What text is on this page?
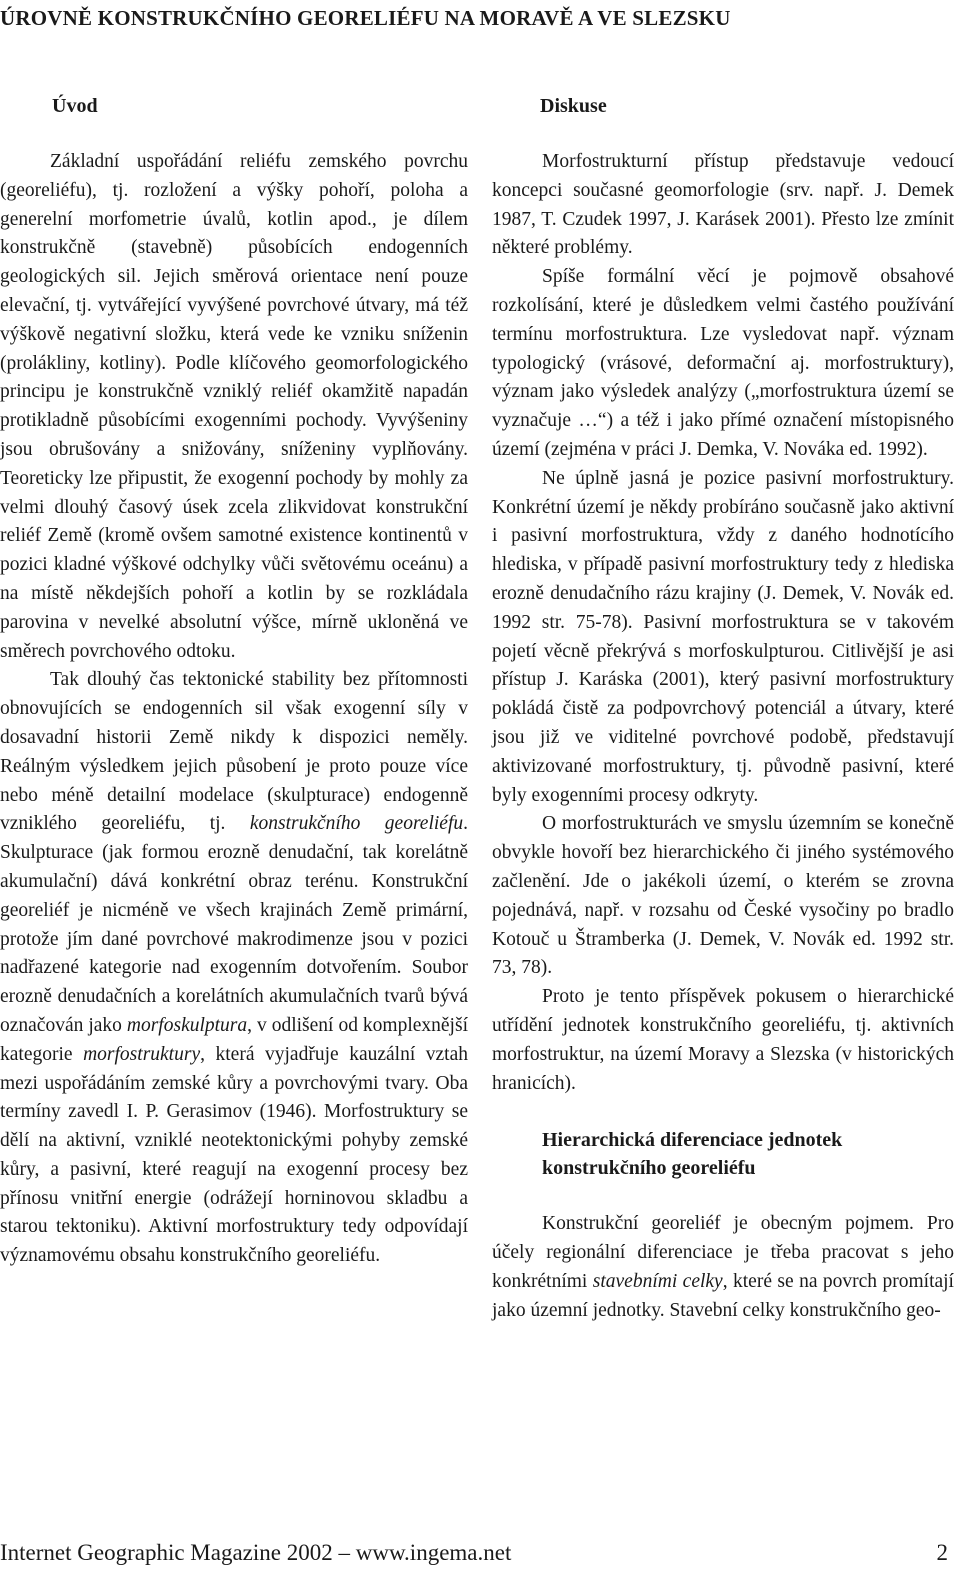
ÚROVNĚ KONSTRUKČNÍHO GEORELIÉFU NA MORAVĚ A VE SLEZSKU
Úvod

Základní uspořádání reliéfu zemského povrchu (georeliéfu), tj. rozložení a výšky pohoří, poloha a generelní morfometrie úvalů, kotlin apod., je dílem konstrukčně (stavebně) působících endogenních geologických sil. Jejich směrová orientace není pouze elevační, tj. vytvářející vyvýšené povrchové útvary, má též výškově negativní složku, která vede ke vzniku sníženin (prolákliny, kotliny). Podle klíčového geomorfologického principu je konstrukčně vzniklý reliéf okamžitě napadán protikladně působícími exogenními pochody. Vyvýšeniny jsou obrušovány a snižovány, sníženiny vyplňovány. Teoreticky lze připustit, že exogenní pochody by mohly za velmi dlouhý časový úsek zcela zlikvidovat konstrukční reliéf Země (kromě ovšem samotné existence kontinentů v pozici kladné výškové odchylky vůči světovému oceánu) a na místě někdejších pohoří a kotlin by se rozkládala parovina v nevelké absolutní výšce, mírně ukloněná ve směrech povrchového odtoku.

Tak dlouhý čas tektonické stability bez přítomnosti obnovujících se endogenních sil však exogenní síly v dosavadní historii Země nikdy k dispozici neměly. Reálným výsledkem jejich působení je proto pouze více nebo méně detailní modelace (skulpturace) endogenně vzniklého georeliéfu, tj. konstrukčního georeliéfu. Skulpturace (jak formou erozně denudační, tak korelátně akumulační) dává konkrétní obraz terénu. Konstrukční georeliéf je nicméně ve všech krajinách Země primární, protože jím dané povrchové makrodimenze jsou v pozici nadřazené kategorie nad exogenním dotvořením. Soubor erozně denudačních a korelátních akumulačních tvarů bývá označován jako morfoskulptura, v odlišení od komplexnější kategorie morfostruktury, která vyjadřuje kauzální vztah mezi uspořádáním zemské kůry a povrchovými tvary. Oba termíny zavedl I. P. Gerasimov (1946). Morfostruktury se dělí na aktivní, vzniklé neotektonickými pohyby zemské kůry, a pasivní, které reagují na exogenní procesy bez přínosu vnitřní energie (odrážejí horninovou skladbu a starou tektoniku). Aktivní morfostruktury tedy odpovídají významovému obsahu konstrukčního georeliéfu.

Diskuse

Morfostrukturní přístup představuje vedoucí koncepci současné geomorfologie (srv. např. J. Demek 1987, T. Czudek 1997, J. Karásek 2001). Přesto lze zmínit některé problémy.

Spíše formální věcí je pojmově obsahové rozkolísání, které je důsledkem velmi častého používání termínu morfostruktura. Lze vysledovat např. význam typologický (vrásové, deformační aj. morfostruktury), význam jako výsledek analýzy („morfostruktura území se vyznačuje …“) a též i jako přímé označení místopisného území (zejména v práci J. Demka, V. Nováka ed. 1992).

Ne úplně jasná je pozice pasivní morfostruktury. Konkrétní území je někdy probíráno současně jako aktivní i pasivní morfostruktura, vždy z daného hodnotícího hlediska, v případě pasivní morfostruktury tedy z hlediska erozně denudačního rázu krajiny (J. Demek, V. Novák ed. 1992 str. 75-78). Pasivní morfostruktura se v takovém pojetí věcně překrývá s morfoskulpturou. Citlivější je asi přístup J. Karáska (2001), který pasivní morfostruktury pokládá čistě za podpovrchový potenciál a útvary, které jsou již ve viditelné povrchové podobě, představují aktivizované morfostruktury, tj. původně pasivní, které byly exogenními procesy odkryty.

O morfostrukturách ve smyslu územním se konečně obvykle hovoří bez hierarchického či jiného systémového začlenění. Jde o jakékoli území, o kterém se zrovna pojednává, např. v rozsahu od České vysočiny po bradlo Kotouč u Štramberka (J. Demek, V. Novák ed. 1992 str. 73, 78).

Proto je tento příspěvek pokusem o hierarchické utřídění jednotek konstrukčního georeliéfu, tj. aktivních morfostruktur, na území Moravy a Slezska (v historických hranicích).

Hierarchická diferenciace jednotek konstrukčního georeliéfu

Konstrukční georeliéf je obecným pojmem. Pro účely regionální diferenciace je třeba pracovat s jeho konkrétními stavebními celky, které se na povrch promítají jako územní jednotky. Stavební celky konstrukčního geo-

Internet Geographic Magazine 2002 – www.ingema.net	2
